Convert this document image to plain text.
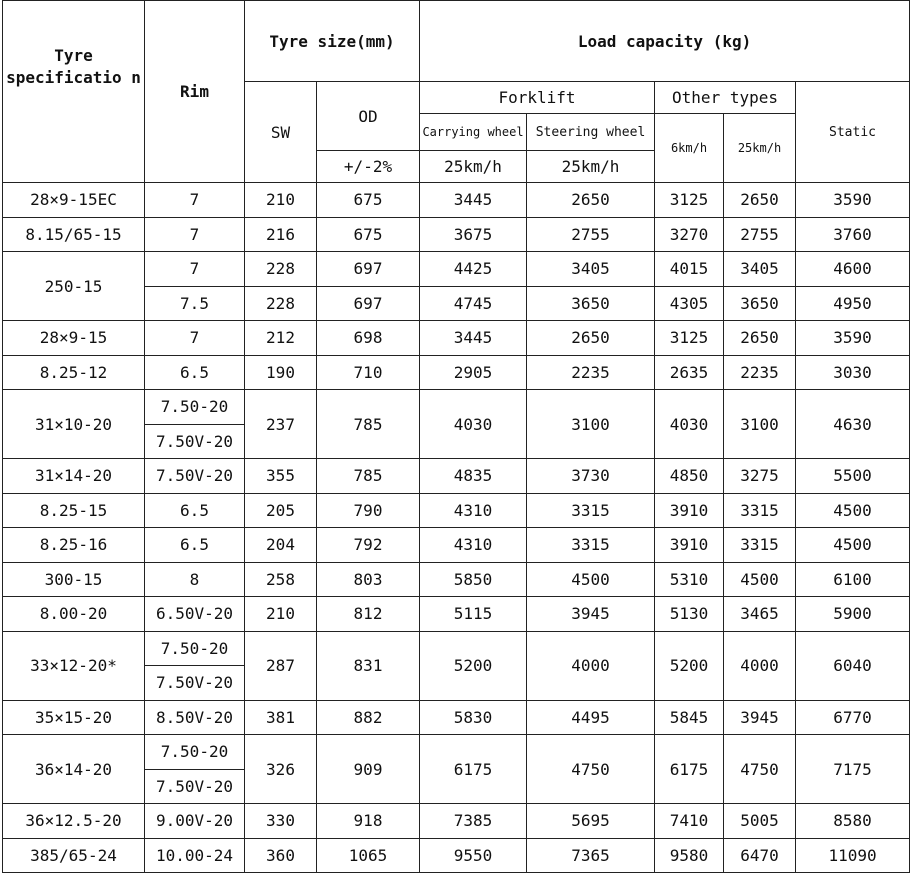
Tyre specificatio n	Rim	Tyre size(mm)		Load capacity (kg)				
		SW	OD	Forklift		Other types		Static
				Carrying wheel	Steering wheel	6km/h	25km/h	
			+/-2%	25km/h	25km/h			
28×9-15EC	7	210	675	3445	2650	3125	2650	3590
8.15/65-15	7	216	675	3675	2755	3270	2755	3760
250-15	7	228	697	4425	3405	4015	3405	4600
	7.5	228	697	4745	3650	4305	3650	4950
28×9-15	7	212	698	3445	2650	3125	2650	3590
8.25-12	6.5	190	710	2905	2235	2635	2235	3030
31×10-20	7.50-20	237	785	4030	3100	4030	3100	4630
	7.50V-20							
31×14-20	7.50V-20	355	785	4835	3730	4850	3275	5500
8.25-15	6.5	205	790	4310	3315	3910	3315	4500
8.25-16	6.5	204	792	4310	3315	3910	3315	4500
300-15	8	258	803	5850	4500	5310	4500	6100
8.00-20	6.50V-20	210	812	5115	3945	5130	3465	5900
33×12-20*	7.50-20	287	831	5200	4000	5200	4000	6040
	7.50V-20							
35×15-20	8.50V-20	381	882	5830	4495	5845	3945	6770
36×14-20	7.50-20	326	909	6175	4750	6175	4750	7175
	7.50V-20							
36×12.5-20	9.00V-20	330	918	7385	5695	7410	5005	8580
385/65-24	10.00-24	360	1065	9550	7365	9580	6470	11090
